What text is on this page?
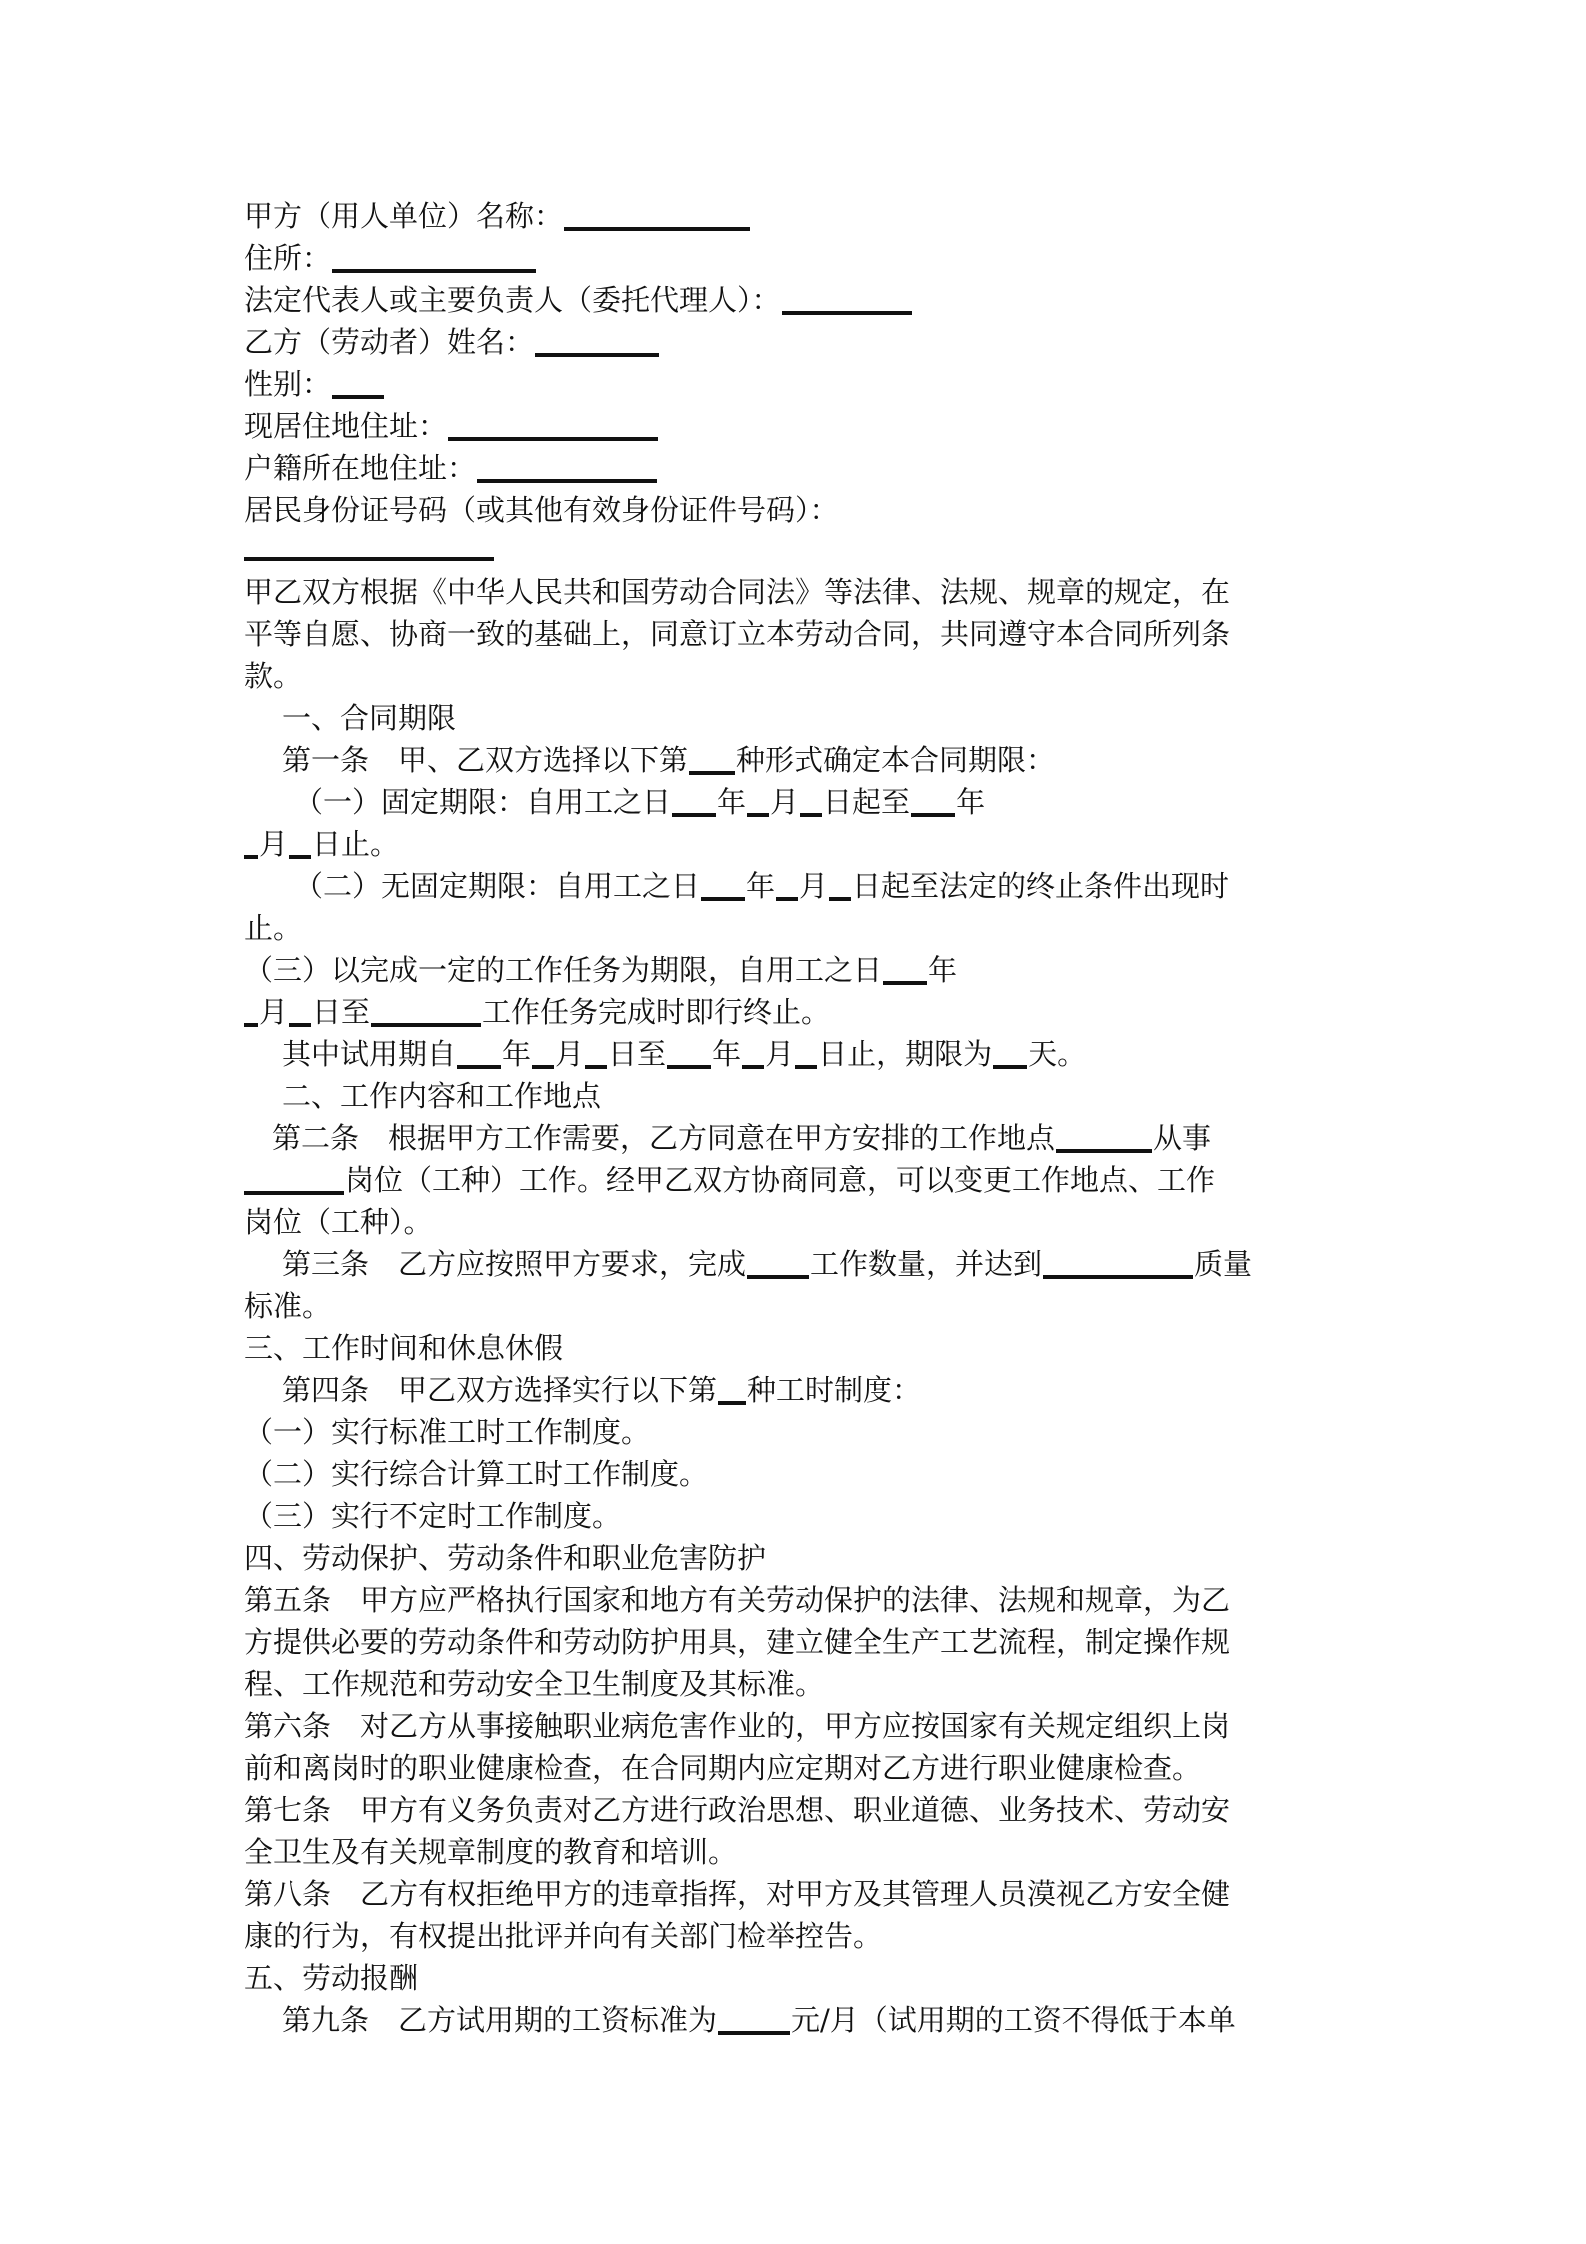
甲方（用人单位）名称：

住所：

法定代表人或主要负责人（委托代理人）：

乙方（劳动者）姓名：

性别：

现居住地住址：

户籍所在地住址：

居民身份证号码（或其他有效身份证件号码）：

甲乙双方根据《中华人民共和国劳动合同法》等法律、法规、规章的规定，在

平等自愿、协商一致的基础上，同意订立本劳动合同，共同遵守本合同所列条

款。

一、合同期限

第一条　甲、乙双方选择以下第 种形式确定本合同期限：

（一）固定期限：自用工之日 年 月 日起至 年

月 日止。

（二）无固定期限：自用工之日 年 月 日起至法定的终止条件出现时

止。

（三）以完成一定的工作任务为期限，自用工之日 年

月 日至	工作任务完成时即行终止。

其中试用期自 年 月 日至 年 月 日止，期限为 天。

二、工作内容和工作地点

第二条　根据甲方工作需要，乙方同意在甲方安排的工作地点	从事

岗位（工种）工作。经甲乙双方协商同意，可以变更工作地点、工作

岗位（工种）。

第三条　乙方应按照甲方要求，完成 工作数量，并达到	质量

标准。

三、工作时间和休息休假

第四条　甲乙双方选择实行以下第 种工时制度：

（一）实行标准工时工作制度。

（二）实行综合计算工时工作制度。

（三）实行不定时工作制度。

四、劳动保护、劳动条件和职业危害防护

第五条　甲方应严格执行国家和地方有关劳动保护的法律、法规和规章，为乙

方提供必要的劳动条件和劳动防护用具，建立健全生产工艺流程，制定操作规

程、工作规范和劳动安全卫生制度及其标准。

第六条　对乙方从事接触职业病危害作业的，甲方应按国家有关规定组织上岗

前和离岗时的职业健康检查，在合同期内应定期对乙方进行职业健康检查。

第七条　甲方有义务负责对乙方进行政治思想、职业道德、业务技术、劳动安

全卫生及有关规章制度的教育和培训。

第八条　乙方有权拒绝甲方的违章指挥，对甲方及其管理人员漠视乙方安全健

康的行为，有权提出批评并向有关部门检举控告。

五、劳动报酬

第九条　乙方试用期的工资标准为	元/月（试用期的工资不得低于本单
